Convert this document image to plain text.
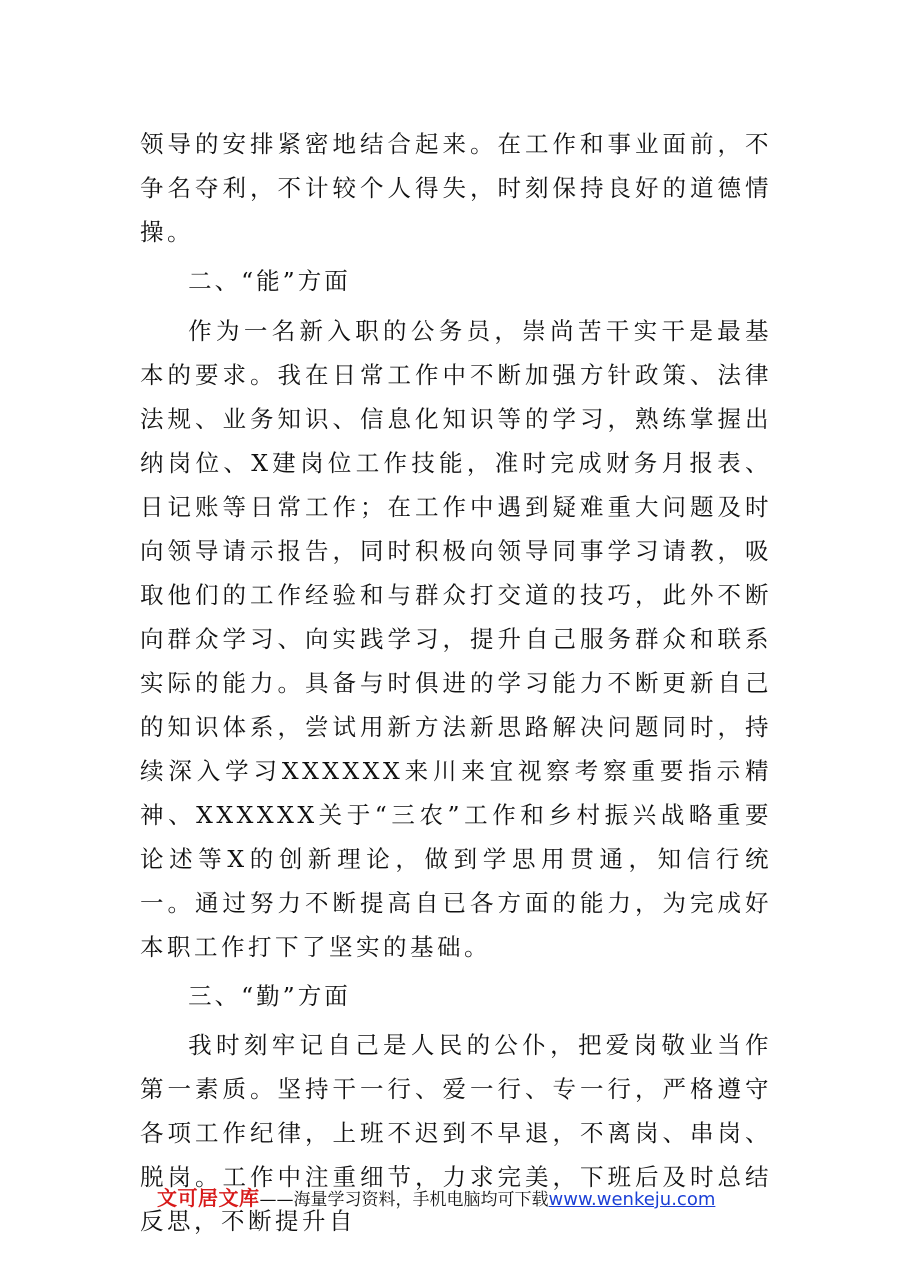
领导的安排紧密地结合起来。在工作和事业面前，不争名夺利，不计较个人得失，时刻保持良好的道德情操。

二、“能”方面

作为一名新入职的公务员，崇尚苦干实干是最基本的要求。我在日常工作中不断加强方针政策、法律法规、业务知识、信息化知识等的学习，熟练掌握出纳岗位、X建岗位工作技能，准时完成财务月报表、日记账等日常工作；在工作中遇到疑难重大问题及时向领导请示报告，同时积极向领导同事学习请教，吸取他们的工作经验和与群众打交道的技巧，此外不断向群众学习、向实践学习，提升自己服务群众和联系实际的能力。具备与时俱进的学习能力不断更新自己的知识体系，尝试用新方法新思路解决问题同时，持续深入学习XXXXXX来川来宜视察考察重要指示精神、XXXXXX关于“三农”工作和乡村振兴战略重要论述等X的创新理论，做到学思用贯通，知信行统一。通过努力不断提高自已各方面的能力，为完成好本职工作打下了坚实的基础。

三、“勤”方面

我时刻牢记自己是人民的公仆，把爱岗敬业当作第一素质。坚持干一行、爱一行、专一行，严格遵守各项工作纪律，上班不迟到不早退，不离岗、串岗、脱岗。工作中注重细节，力求完美，下班后及时总结反思，不断提升自

文可居文库——海量学习资料，手机电脑均可下载www.wenkeju.com
